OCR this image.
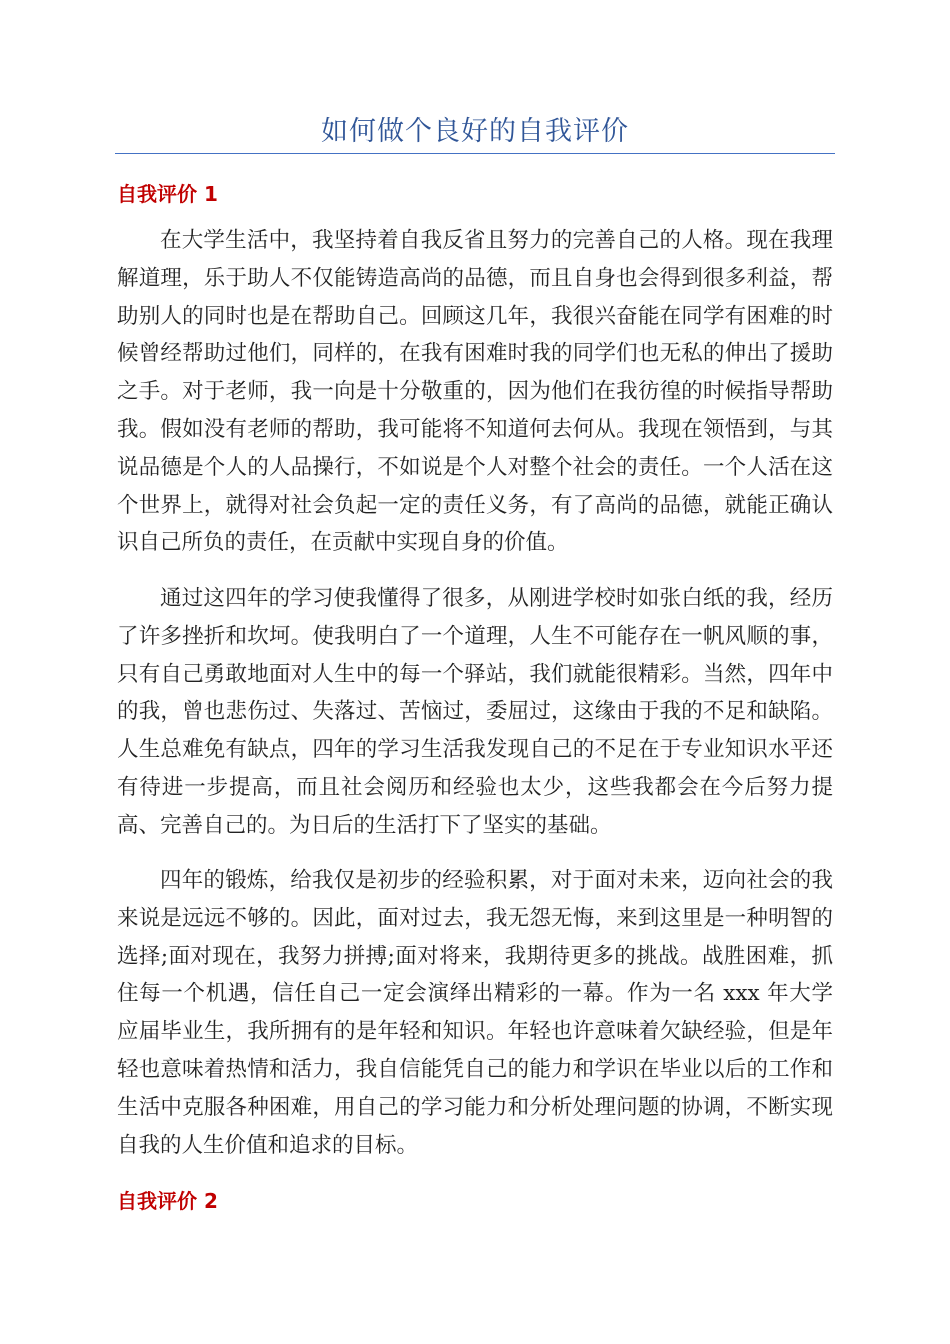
如何做个良好的自我评价
自我评价 1

在大学生活中，我坚持着自我反省且努力的完善自己的人格。现在我理解道理，乐于助人不仅能铸造高尚的品德，而且自身也会得到很多利益，帮助别人的同时也是在帮助自己。回顾这几年，我很兴奋能在同学有困难的时候曾经帮助过他们，同样的，在我有困难时我的同学们也无私的伸出了援助之手。对于老师，我一向是十分敬重的，因为他们在我彷徨的时候指导帮助我。假如没有老师的帮助，我可能将不知道何去何从。我现在领悟到，与其说品德是个人的人品操行，不如说是个人对整个社会的责任。一个人活在这个世界上，就得对社会负起一定的责任义务，有了高尚的品德，就能正确认识自己所负的责任，在贡献中实现自身的价值。

通过这四年的学习使我懂得了很多，从刚进学校时如张白纸的我，经历了许多挫折和坎坷。使我明白了一个道理，人生不可能存在一帆风顺的事，只有自己勇敢地面对人生中的每一个驿站，我们就能很精彩。当然，四年中的我，曾也悲伤过、失落过、苦恼过，委屈过，这缘由于我的不足和缺陷。人生总难免有缺点，四年的学习生活我发现自己的不足在于专业知识水平还有待进一步提高，而且社会阅历和经验也太少，这些我都会在今后努力提高、完善自己的。为日后的生活打下了坚实的基础。

四年的锻炼，给我仅是初步的经验积累，对于面对未来，迈向社会的我来说是远远不够的。因此，面对过去，我无怨无悔，来到这里是一种明智的选择;面对现在，我努力拼搏;面对将来，我期待更多的挑战。战胜困难，抓住每一个机遇，信任自己一定会演绎出精彩的一幕。作为一名 xxx 年大学应届毕业生，我所拥有的是年轻和知识。年轻也许意味着欠缺经验，但是年轻也意味着热情和活力，我自信能凭自己的能力和学识在毕业以后的工作和生活中克服各种困难，用自己的学习能力和分析处理问题的协调，不断实现自我的人生价值和追求的目标。

自我评价 2
